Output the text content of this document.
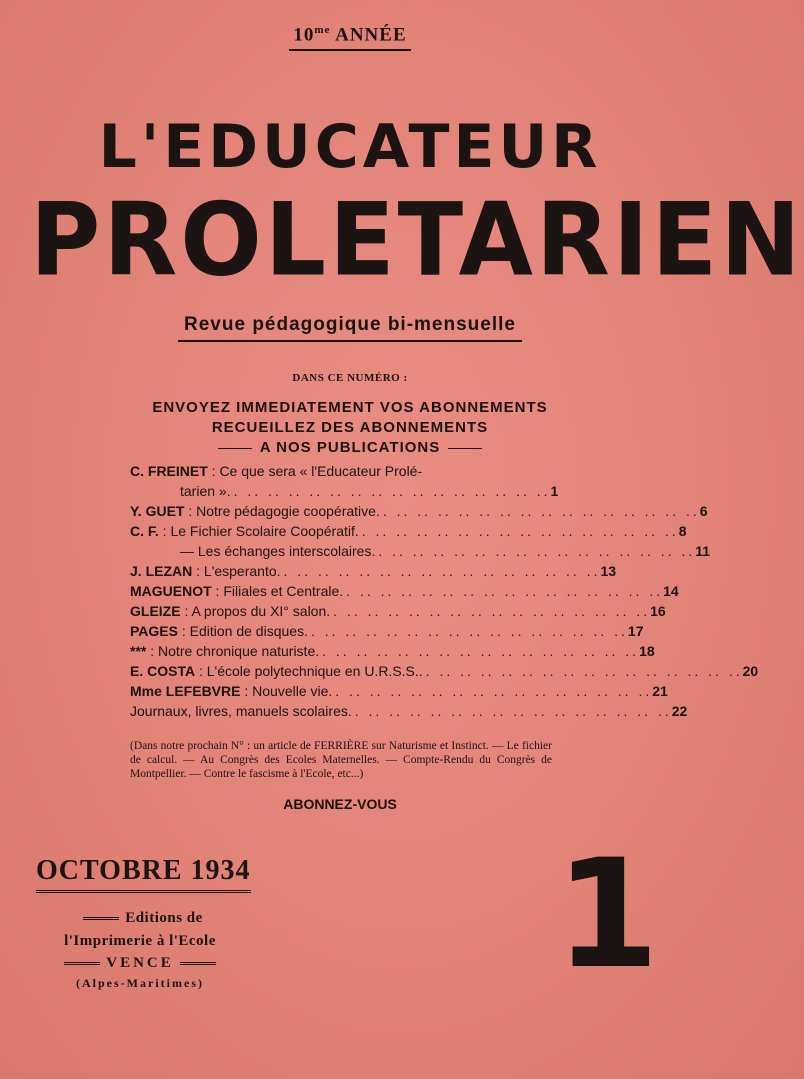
$10^{me}$ ANNÉE
L'EDUCATEUR
PROLETARIEN
Revue pédagogique bi-mensuelle
DANS CE NUMÉRO :
ENVOYEZ IMMEDIATEMENT VOS ABONNEMENTS
RECUEILLEZ DES ABONNEMENTS
A NOS PUBLICATIONS
C. FREINET : Ce que sera « l'Educateur Prolé-
tarien » .. .. .. .. .. .. .. .. .. .. .. .. .. .. .. .. 1
Y. GUET : Notre pédagogie coopérative .. .. .. .. .. .. .. .. .. .. .. .. .. .. .. .. 6
C. F. : Le Fichier Scolaire Coopératif .. .. .. .. .. .. .. .. .. .. .. .. .. .. .. .. 8
— Les échanges interscolaires .. .. .. .. .. .. .. .. .. .. .. .. .. .. .. .. 11
J. LEZAN : L'esperanto .. .. .. .. .. .. .. .. .. .. .. .. .. .. .. .. 13
MAGUENOT : Filiales et Centrale .. .. .. .. .. .. .. .. .. .. .. .. .. .. .. .. 14
GLEIZE : A propos du XI° salon .. .. .. .. .. .. .. .. .. .. .. .. .. .. .. .. 16
PAGES : Edition de disques .. .. .. .. .. .. .. .. .. .. .. .. .. .. .. .. 17
*** : Notre chronique naturiste .. .. .. .. .. .. .. .. .. .. .. .. .. .. .. .. 18
E. COSTA : L'école polytechnique en U.R.S.S. .. .. .. .. .. .. .. .. .. .. .. .. .. .. .. .. 20
Mme LEFEBVRE : Nouvelle vie .. .. .. .. .. .. .. .. .. .. .. .. .. .. .. .. 21
Journaux, livres, manuels scolaires .. .. .. .. .. .. .. .. .. .. .. .. .. .. .. .. 22
(Dans notre prochain N° : un article de FERRIÈRE sur Naturisme et Instinct. — Le fichier de calcul. — Au Congrès des Ecoles Maternelles. — Compte-Rendu du Congrès de Montpellier. — Contre le fascisme à l'Ecole, etc...)
ABONNEZ-VOUS
OCTOBRE 1934
Editions de
l'Imprimerie à l'Ecole
VENCE
(Alpes-Maritimes) 1
